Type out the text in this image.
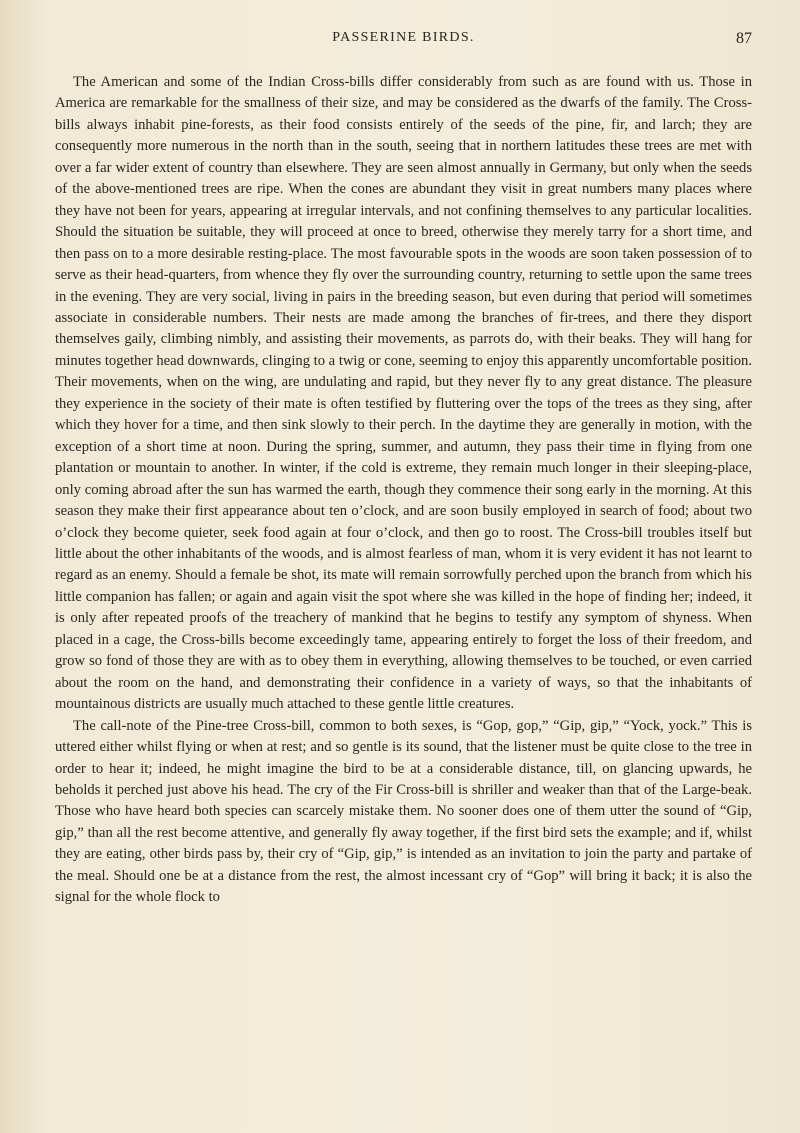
PASSERINE BIRDS.	87

The American and some of the Indian Cross-bills differ considerably from such as are found with us. Those in America are remarkable for the smallness of their size, and may be considered as the dwarfs of the family. The Cross-bills always inhabit pine-forests, as their food consists entirely of the seeds of the pine, fir, and larch; they are consequently more numerous in the north than in the south, seeing that in northern latitudes these trees are met with over a far wider extent of country than elsewhere. They are seen almost annually in Germany, but only when the seeds of the above-mentioned trees are ripe. When the cones are abundant they visit in great numbers many places where they have not been for years, appearing at irregular intervals, and not confining themselves to any particular localities. Should the situation be suitable, they will proceed at once to breed, otherwise they merely tarry for a short time, and then pass on to a more desirable resting-place. The most favourable spots in the woods are soon taken possession of to serve as their head-quarters, from whence they fly over the surrounding country, returning to settle upon the same trees in the evening. They are very social, living in pairs in the breeding season, but even during that period will sometimes associate in considerable numbers. Their nests are made among the branches of fir-trees, and there they disport themselves gaily, climbing nimbly, and assisting their movements, as parrots do, with their beaks. They will hang for minutes together head downwards, clinging to a twig or cone, seeming to enjoy this apparently uncomfortable position. Their movements, when on the wing, are undulating and rapid, but they never fly to any great distance. The pleasure they experience in the society of their mate is often testified by fluttering over the tops of the trees as they sing, after which they hover for a time, and then sink slowly to their perch. In the daytime they are generally in motion, with the exception of a short time at noon. During the spring, summer, and autumn, they pass their time in flying from one plantation or mountain to another. In winter, if the cold is extreme, they remain much longer in their sleeping-place, only coming abroad after the sun has warmed the earth, though they commence their song early in the morning. At this season they make their first appearance about ten o’clock, and are soon busily employed in search of food; about two o’clock they become quieter, seek food again at four o’clock, and then go to roost. The Cross-bill troubles itself but little about the other inhabitants of the woods, and is almost fearless of man, whom it is very evident it has not learnt to regard as an enemy. Should a female be shot, its mate will remain sorrowfully perched upon the branch from which his little companion has fallen; or again and again visit the spot where she was killed in the hope of finding her; indeed, it is only after repeated proofs of the treachery of mankind that he begins to testify any symptom of shyness. When placed in a cage, the Cross-bills become exceedingly tame, appearing entirely to forget the loss of their freedom, and grow so fond of those they are with as to obey them in everything, allowing themselves to be touched, or even carried about the room on the hand, and demonstrating their confidence in a variety of ways, so that the inhabitants of mountainous districts are usually much attached to these gentle little creatures.

The call-note of the Pine-tree Cross-bill, common to both sexes, is “Gop, gop,” “Gip, gip,” “Yock, yock.” This is uttered either whilst flying or when at rest; and so gentle is its sound, that the listener must be quite close to the tree in order to hear it; indeed, he might imagine the bird to be at a considerable distance, till, on glancing upwards, he beholds it perched just above his head. The cry of the Fir Cross-bill is shriller and weaker than that of the Large-beak. Those who have heard both species can scarcely mistake them. No sooner does one of them utter the sound of “Gip, gip,” than all the rest become attentive, and generally fly away together, if the first bird sets the example; and if, whilst they are eating, other birds pass by, their cry of “Gip, gip,” is intended as an invitation to join the party and partake of the meal. Should one be at a distance from the rest, the almost incessant cry of “Gop” will bring it back; it is also the signal for the whole flock to
